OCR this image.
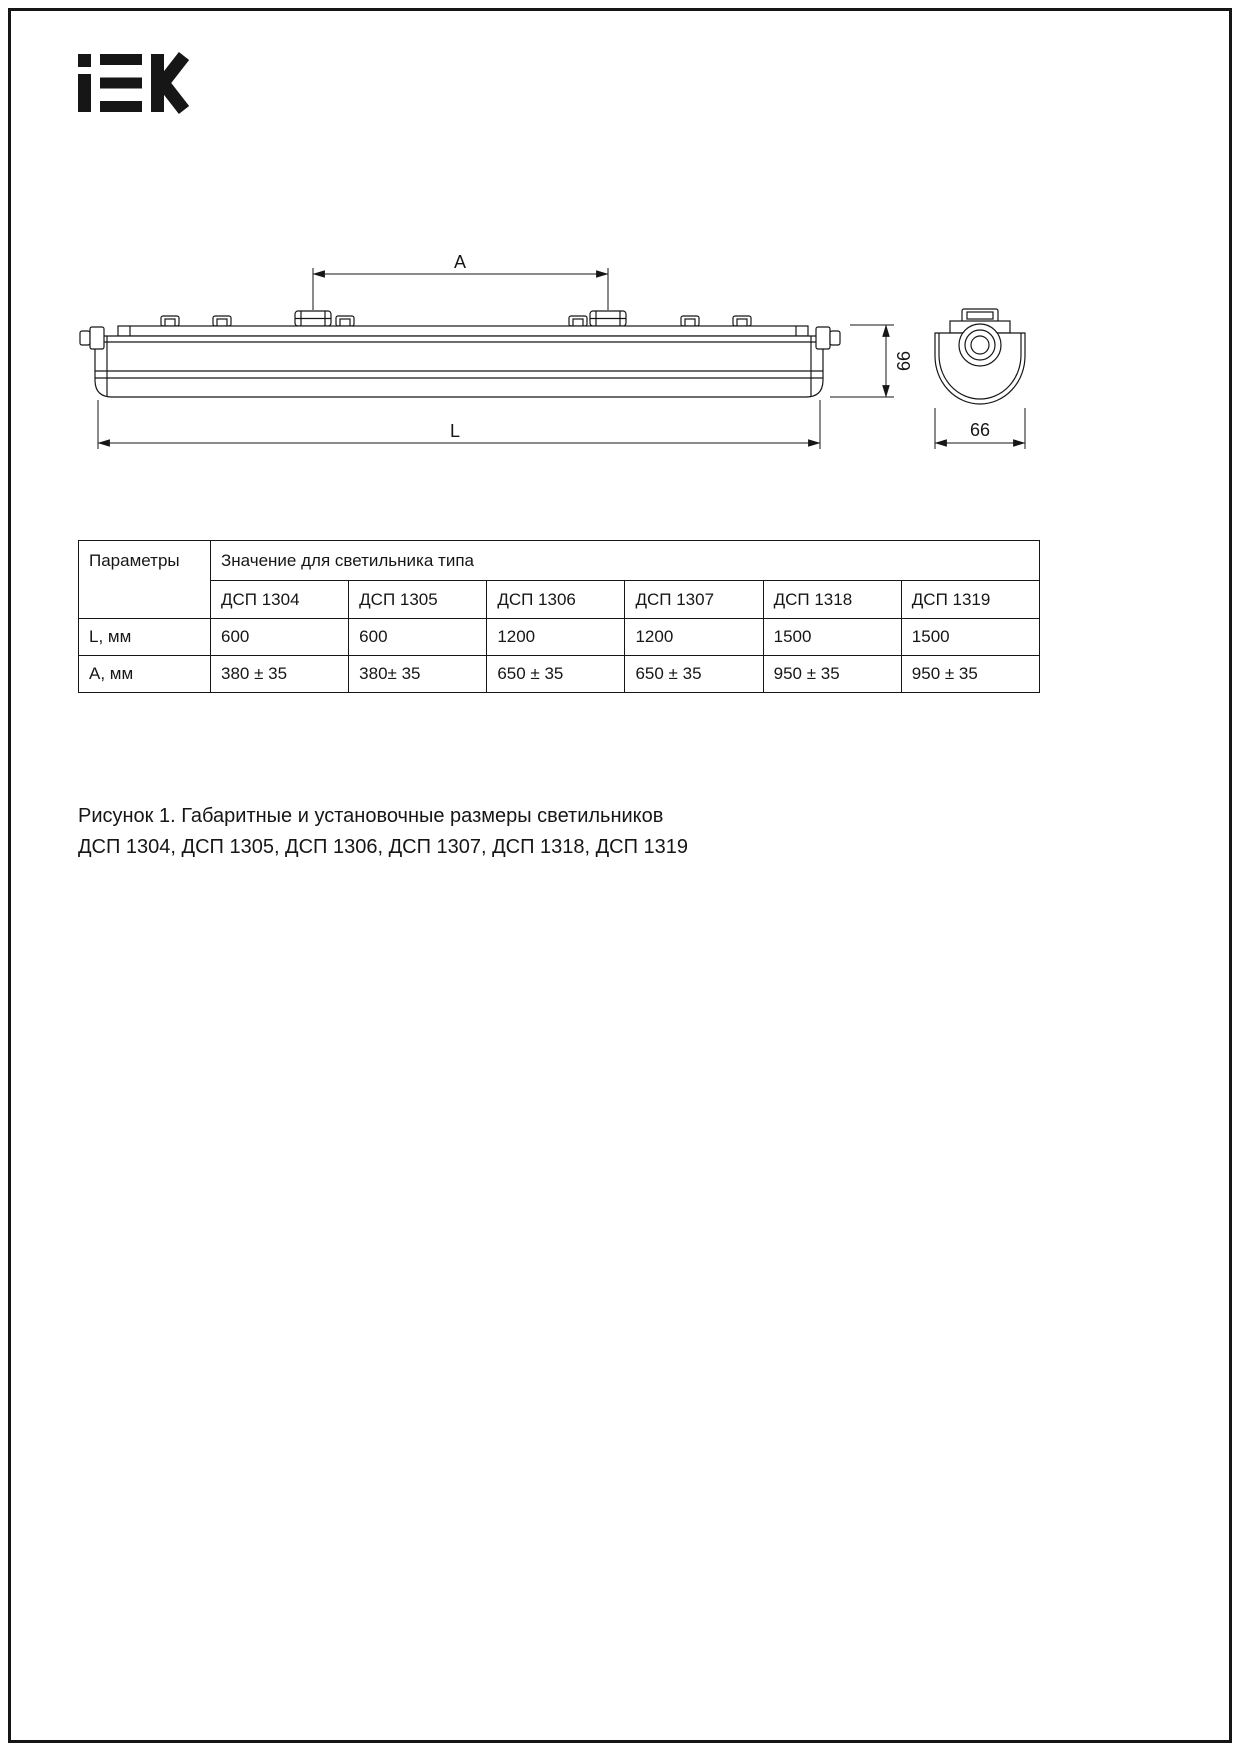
А
L
66
66
Параметры	Значение для светильника типа					
	ДСП 1304	ДСП 1305	ДСП 1306	ДСП 1307	ДСП 1318	ДСП 1319
L, мм	600	600	1200	1200	1500	1500
А, мм	380 ± 35	380± 35	650 ± 35	650 ± 35	950 ± 35	950 ± 35
Рисунок 1. Габаритные и установочные размеры светильников
ДСП 1304, ДСП 1305, ДСП 1306, ДСП 1307, ДСП 1318, ДСП 1319
